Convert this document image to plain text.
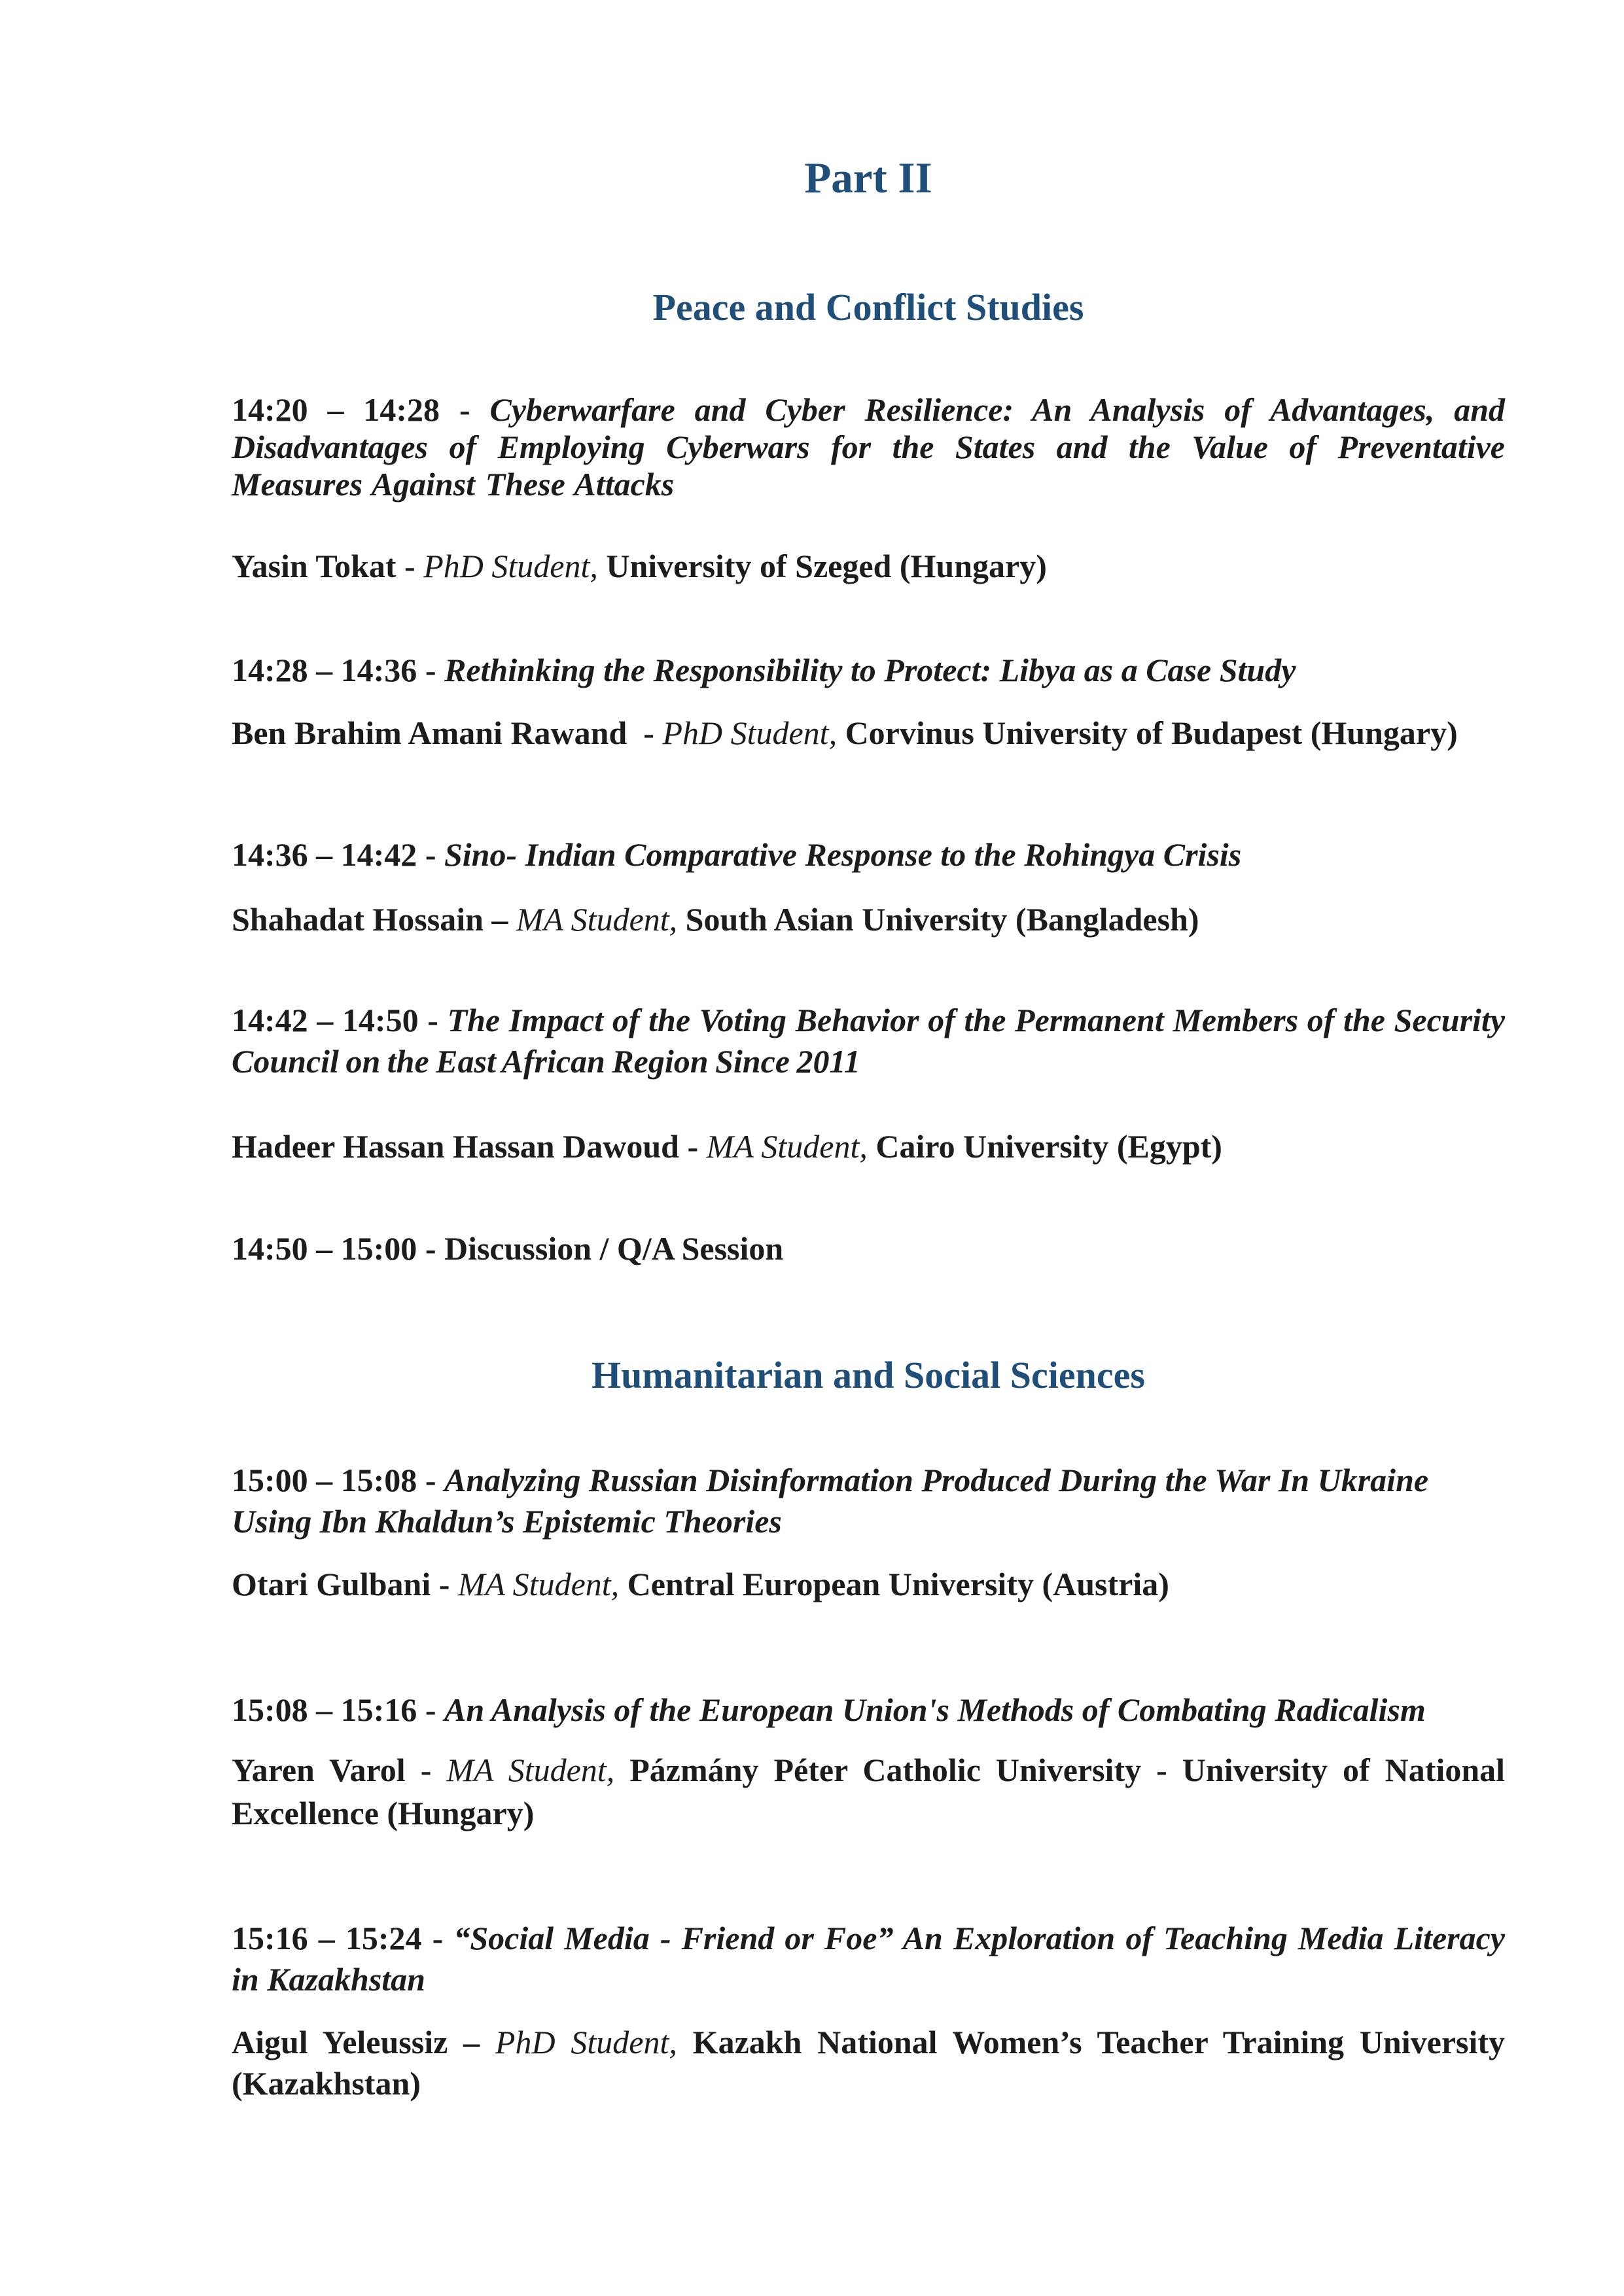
Part II
Peace and Conflict Studies
14:20 – 14:28 - Cyberwarfare and Cyber Resilience: An Analysis of Advantages, and Disadvantages of Employing Cyberwars for the States and the Value of Preventative Measures Against These Attacks
Yasin Tokat - PhD Student, University of Szeged (Hungary)
14:28 – 14:36 - Rethinking the Responsibility to Protect: Libya as a Case Study
Ben Brahim Amani Rawand - PhD Student, Corvinus University of Budapest (Hungary)
14:36 – 14:42 - Sino- Indian Comparative Response to the Rohingya Crisis
Shahadat Hossain – MA Student, South Asian University (Bangladesh)
14:42 – 14:50 - The Impact of the Voting Behavior of the Permanent Members of the Security Council on the East African Region Since 2011
Hadeer Hassan Hassan Dawoud - MA Student, Cairo University (Egypt)
14:50 – 15:00 - Discussion / Q/A Session
Humanitarian and Social Sciences
15:00 – 15:08 - Analyzing Russian Disinformation Produced During the War In Ukraine Using Ibn Khaldun’s Epistemic Theories
Otari Gulbani - MA Student, Central European University (Austria)
15:08 – 15:16 - An Analysis of the European Union's Methods of Combating Radicalism
Yaren Varol - MA Student, Pázmány Péter Catholic University - University of National Excellence (Hungary)
15:16 – 15:24 - “Social Media - Friend or Foe” An Exploration of Teaching Media Literacy in Kazakhstan
Aigul Yeleussiz – PhD Student, Kazakh National Women’s Teacher Training University (Kazakhstan)
